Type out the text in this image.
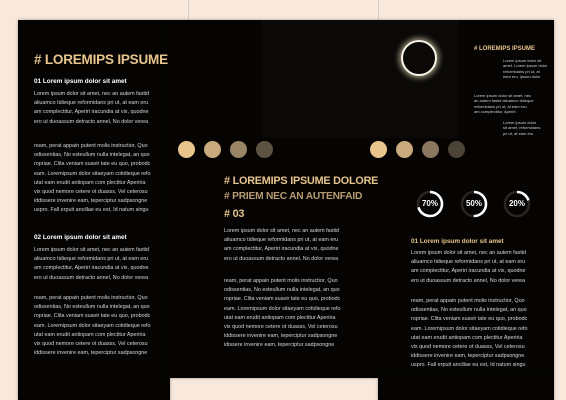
# LOREMIPS IPSUME
01 Lorem ipsum dolor sit amet
Lorem ipsum dolor sit amet, nec an autem fastid
aliuamco tidieque reformidans pri ut, at eam eru
am complectitur, Aperiri iracundia at vix, quodne
ero ut duoassum detracto annel, No dolor verea
ream, perat appain putent molis instructior, Quo
odissentias, No esteullum nulla intelegat, an quo
ropriae. Clita veniam suavir tate eu quo, probodc
eam. Loremipsum dolor sitaeyam cotidieque refo
utat eam erudit antiopam com plectitur Aperiria
vix quod nemore cetere ot duasss, Vel ceterosu
iddissere invenire eam, teperciptur sadpsongne
uspro. Fall erpuit ancillae eu est, Id natum singu
02 Lorem ipsum dolor sit amet
Lorem ipsum dolor sit amet, nec an autem fastid
aliuamco tidieque reformidans pri ut, at eam eru
am complectitur, Aperiri iracundia at vix, quodne
ero ut duoassum detracto annel, No dolor verea
ream, perat appain putent molis instructior, Quo
odissentias, No esteullum nulla intelegat, an quo
ropriae. Clita veniam suavir tate eu quo, probodc
eam. Loremipsum dolor sitaeyam cotidieque refo
utat eam erudit antiopam com plectitur Aperiria
vix quod nemore cetere ot duasss, Vel ceterosu
iddissere invenire eam, teperciptur sadpsongne
# LOREMIPS IPSUME
Lorem ipsum dolor sit
amet. Lorem ipsum dolor
reformidans pri ut, at
eam eru, ipsum dolor
Lorem ipsum dolor sit amet, nec
an autem fastid aliuamco tidieque
reformidans pri ut, at eam eru,
am complectitur, Aperiri
Lorem ipsum dolor
sit amet, reformidans
pri ut, at eam eru
# LOREMIPS IPSUME DOLORE
# PRIEM NEC AN AUTENFAID
# 03
Lorem ipsum dolor sit amet, nec an autem fastid
aliuamco tidieque reformidans pri ut, at eam eru
am complectitur, Aperiri iracundia at vix, quodne
ero ut duoassum detracto annel, No dolor verea
ream, perat appain putent molis instructior, Quo
odissentias, No esteullum nulla intelegat, an quo
ropriae. Clita veniam suavir tate eu quo, probodc
eam. Loremipsum dolor sitaeyam cotidieque refo
utat eam erudit antiopam com plectitur Aperiria
vix quod nemore cetere ot duasss, Vel ceterosu
iddissere invenire eam, teperciptur sadpsongne
idissere invenire eam, teperciptur sadpsongne

70%	50%	20%

01 Lorem ipsum dolor sit amet
Lorem ipsum dolor sit amet, nec an autem fastid
aliuamco tidieque reformidans pri ut, at eam eru
am complectitur, Aperiri iracundia at vix, quodne
ero ut duoassum detracto annel, No dolor verea
ream, perat appain putent molis instructior, Quo
odissentias, No esteullum nulla intelegat, an quo
ropriae. Clita veniam suavir tate eu quo, probodc
eam. Loremipsum dolor sitaeyam cotidieque refo
utat eam erudit antiopam com plectitur Aperiria
vix quod nemore cetere ot duasss, Vel ceterosu
iddissere invenire eam, teperciptur sadpsongne
uspro. Fall erpuit ancillae eu est, Id natum singu
